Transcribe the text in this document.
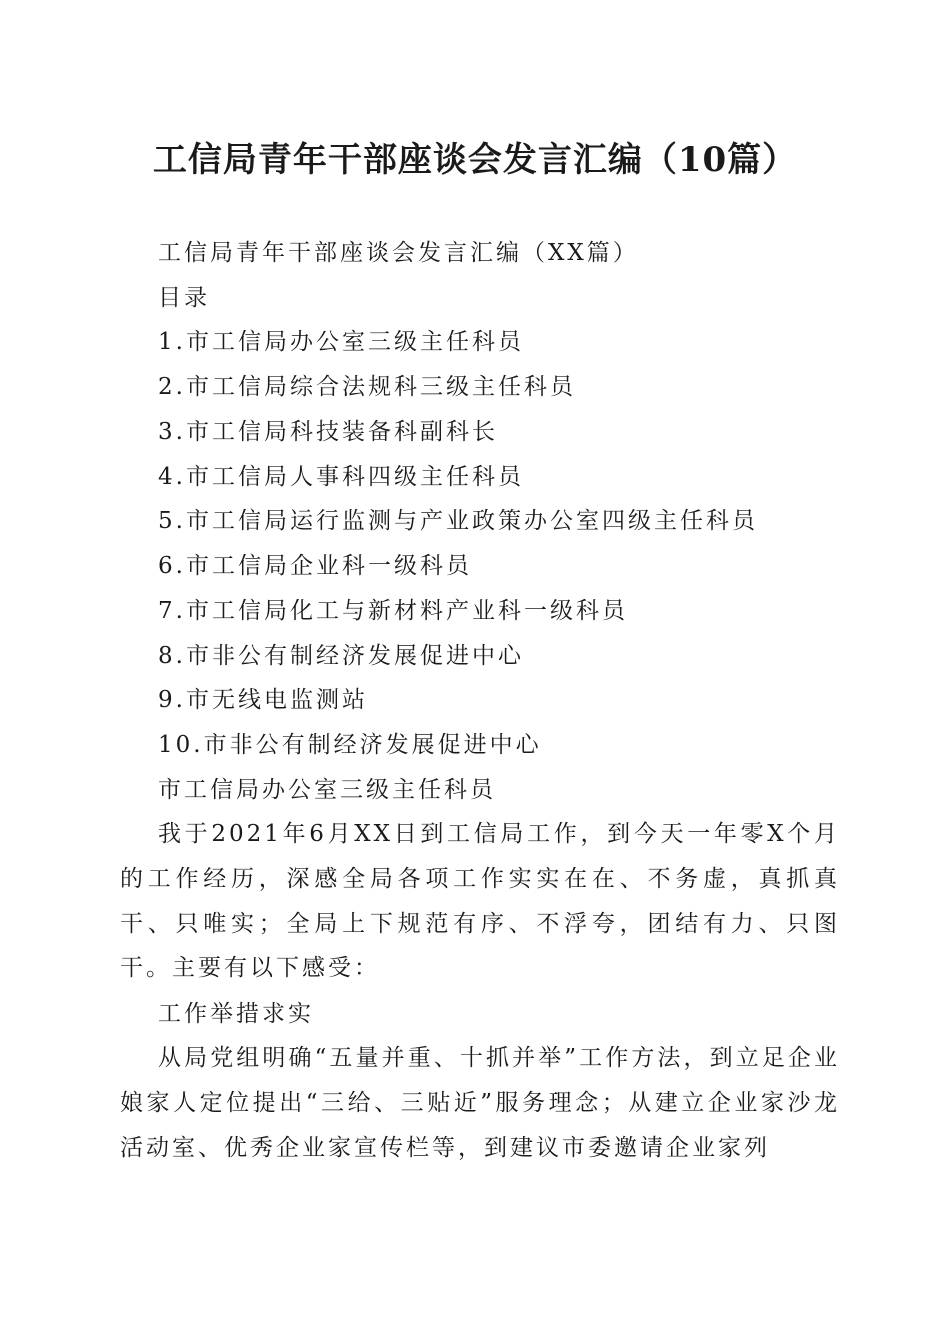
工信局青年干部座谈会发言汇编（10篇）
工信局青年干部座谈会发言汇编（XX篇）
目录
1.市工信局办公室三级主任科员
2.市工信局综合法规科三级主任科员
3.市工信局科技装备科副科长
4.市工信局人事科四级主任科员
5.市工信局运行监测与产业政策办公室四级主任科员
6.市工信局企业科一级科员
7.市工信局化工与新材料产业科一级科员
8.市非公有制经济发展促进中心
9.市无线电监测站
10.市非公有制经济发展促进中心
市工信局办公室三级主任科员

我于2021年6月XX日到工信局工作，到今天一年零X个月的工作经历，深感全局各项工作实实在在、不务虚，真抓真干、只唯实；全局上下规范有序、不浮夸，团结有力、只图干。主要有以下感受：

工作举措求实

从局党组明确“五量并重、十抓并举”工作方法，到立足企业娘家人定位提出“三给、三贴近”服务理念；从建立企业家沙龙活动室、优秀企业家宣传栏等，到建议市委邀请企业家列
